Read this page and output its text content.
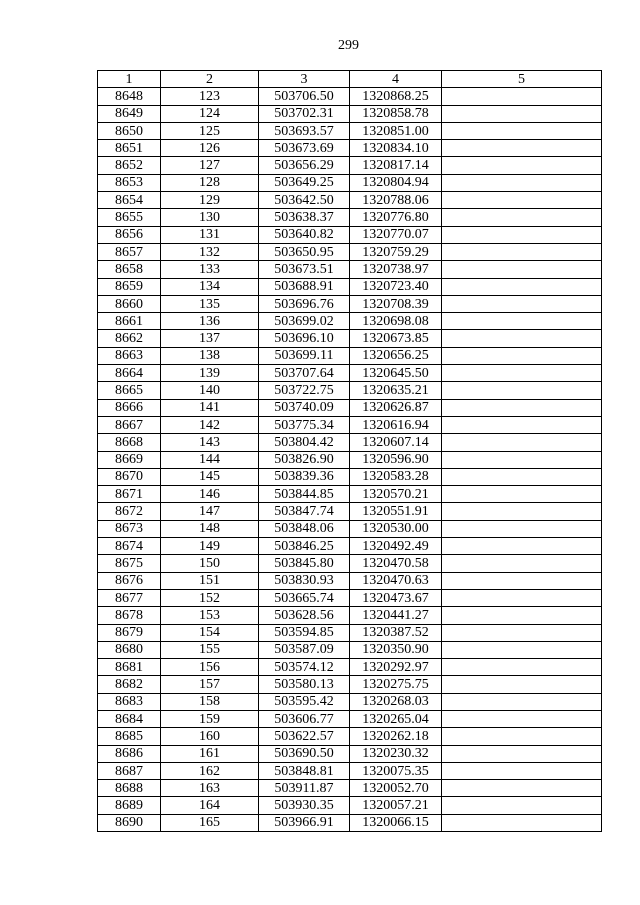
299
1	2	3	4	5
8648	123	503706.50	1320868.25	
8649	124	503702.31	1320858.78	
8650	125	503693.57	1320851.00	
8651	126	503673.69	1320834.10	
8652	127	503656.29	1320817.14	
8653	128	503649.25	1320804.94	
8654	129	503642.50	1320788.06	
8655	130	503638.37	1320776.80	
8656	131	503640.82	1320770.07	
8657	132	503650.95	1320759.29	
8658	133	503673.51	1320738.97	
8659	134	503688.91	1320723.40	
8660	135	503696.76	1320708.39	
8661	136	503699.02	1320698.08	
8662	137	503696.10	1320673.85	
8663	138	503699.11	1320656.25	
8664	139	503707.64	1320645.50	
8665	140	503722.75	1320635.21	
8666	141	503740.09	1320626.87	
8667	142	503775.34	1320616.94	
8668	143	503804.42	1320607.14	
8669	144	503826.90	1320596.90	
8670	145	503839.36	1320583.28	
8671	146	503844.85	1320570.21	
8672	147	503847.74	1320551.91	
8673	148	503848.06	1320530.00	
8674	149	503846.25	1320492.49	
8675	150	503845.80	1320470.58	
8676	151	503830.93	1320470.63	
8677	152	503665.74	1320473.67	
8678	153	503628.56	1320441.27	
8679	154	503594.85	1320387.52	
8680	155	503587.09	1320350.90	
8681	156	503574.12	1320292.97	
8682	157	503580.13	1320275.75	
8683	158	503595.42	1320268.03	
8684	159	503606.77	1320265.04	
8685	160	503622.57	1320262.18	
8686	161	503690.50	1320230.32	
8687	162	503848.81	1320075.35	
8688	163	503911.87	1320052.70	
8689	164	503930.35	1320057.21	
8690	165	503966.91	1320066.15	
